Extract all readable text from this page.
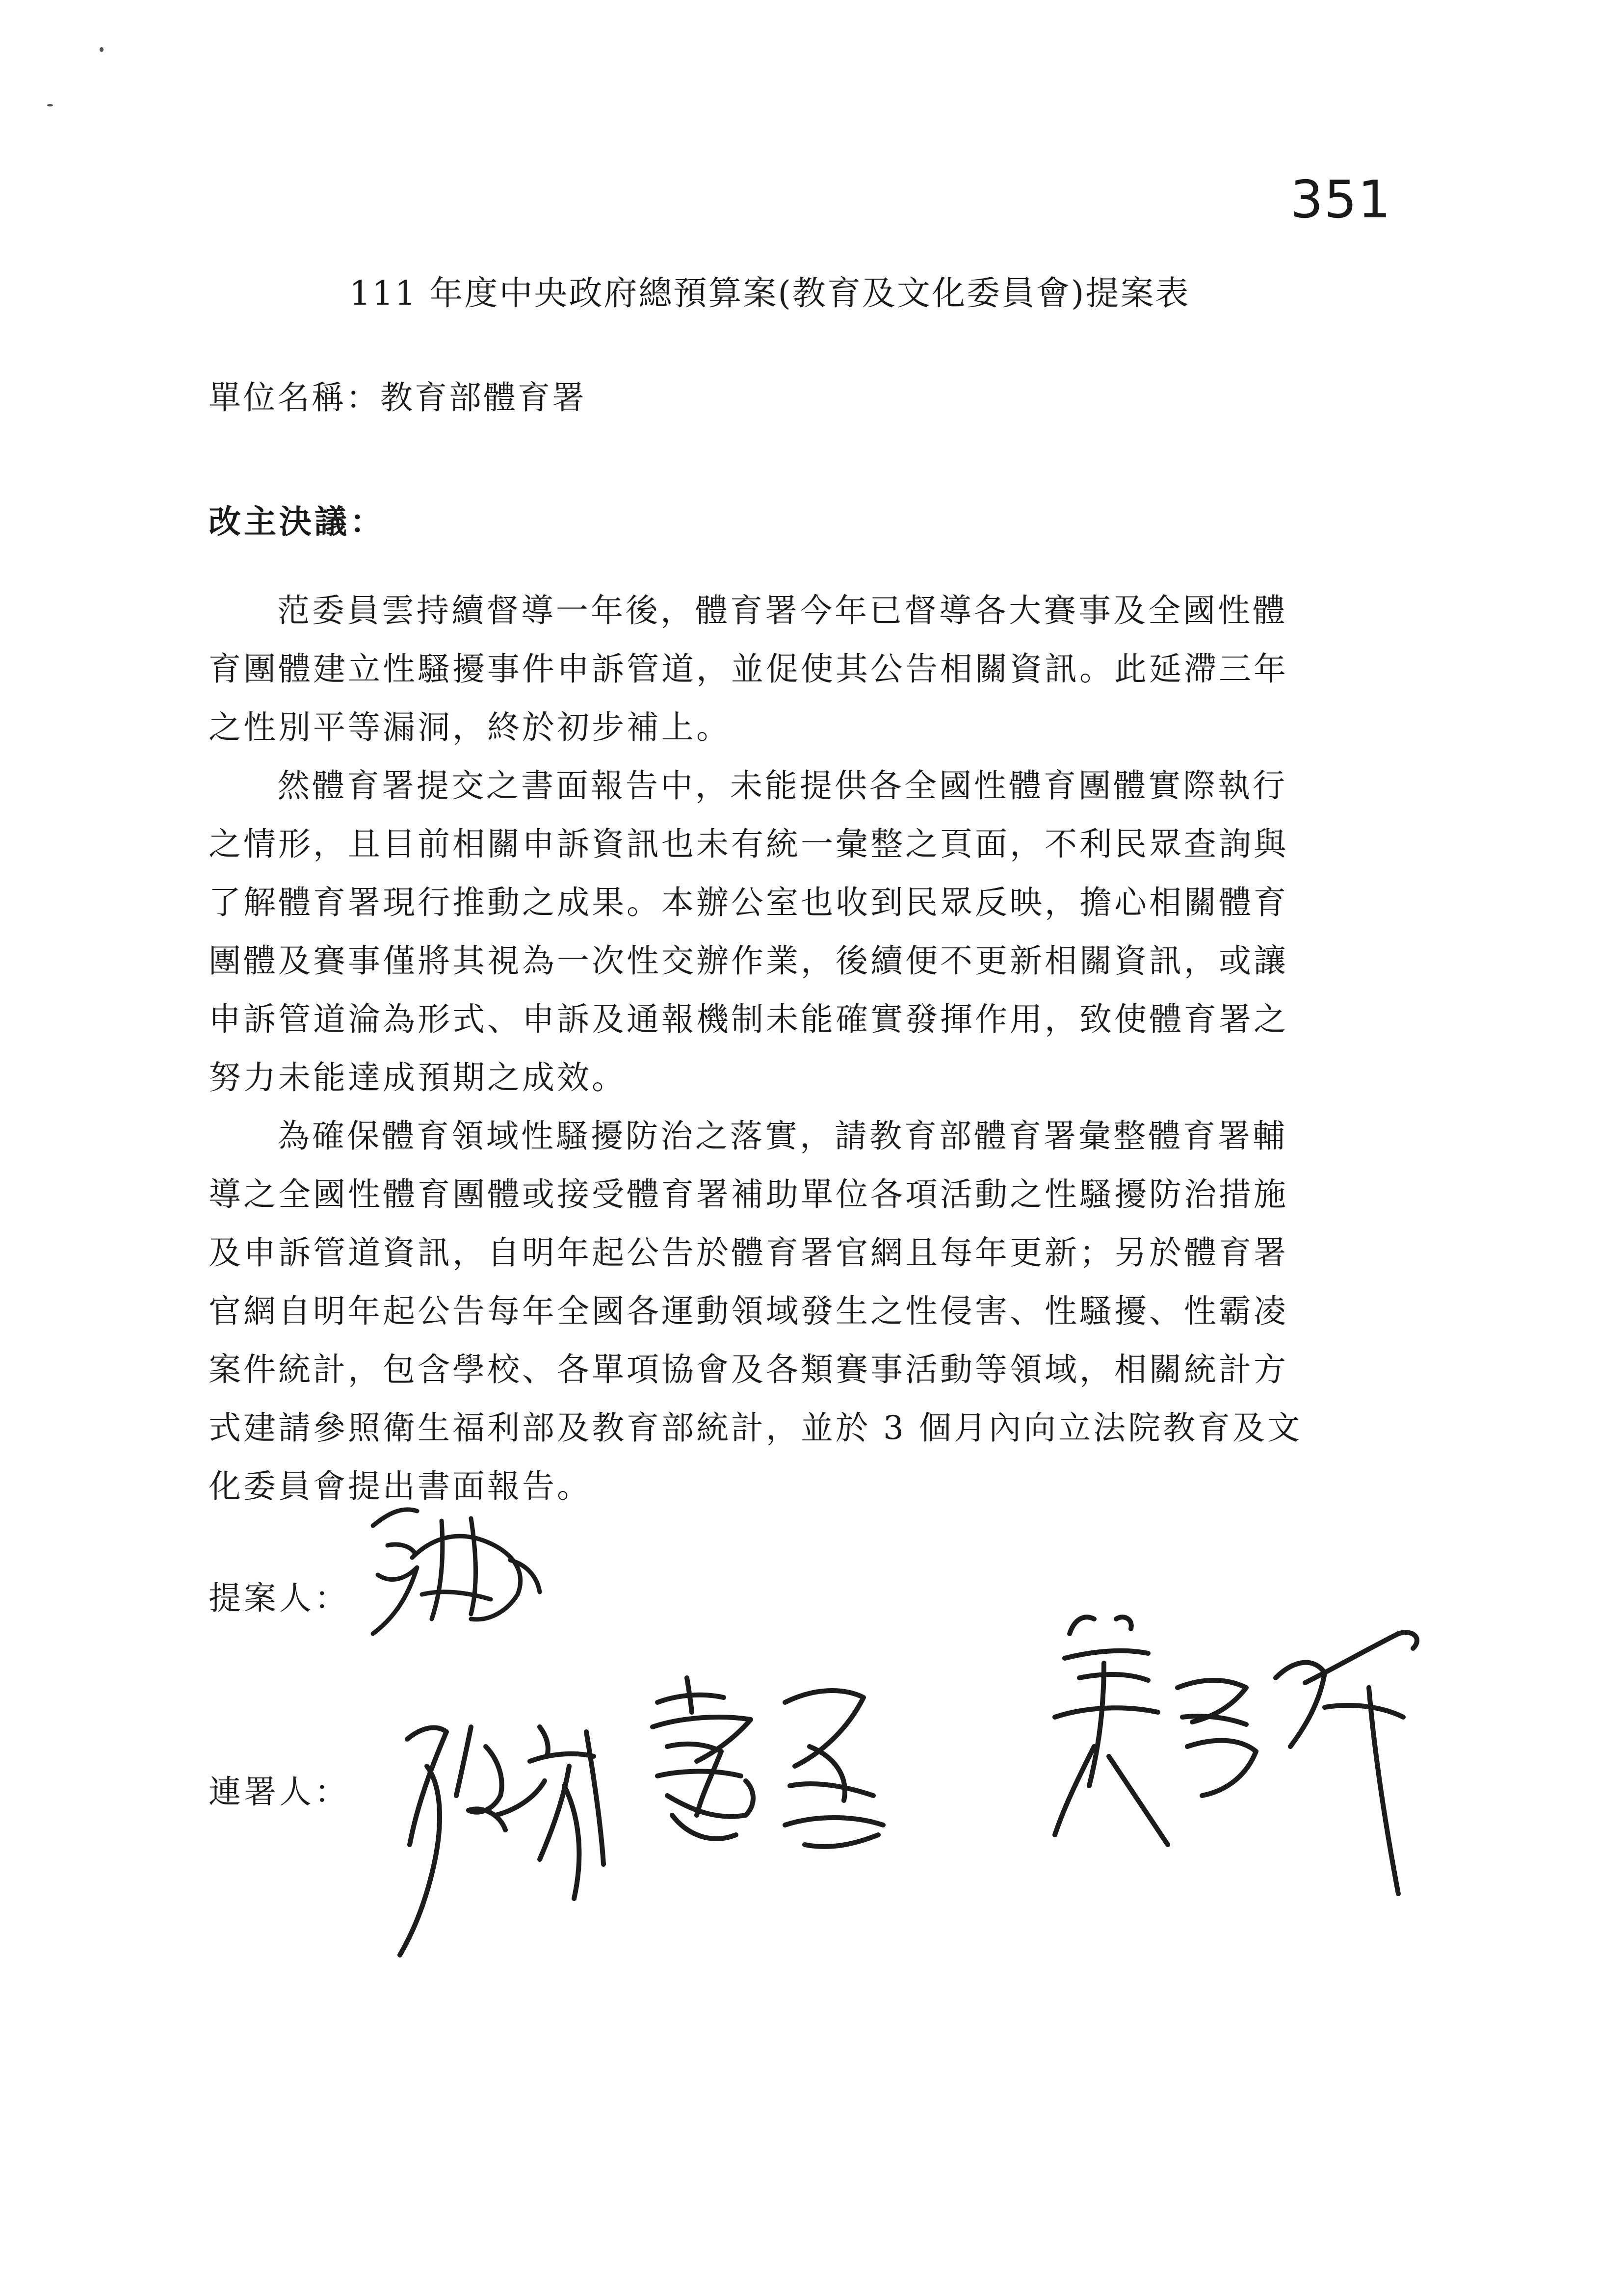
351
111 年度中央政府總預算案(教育及文化委員會)提案表
單位名稱：教育部體育署
改主決議：
范委員雲持續督導一年後，體育署今年已督導各大賽事及全國性體
育團體建立性騷擾事件申訴管道，並促使其公告相關資訊。此延滯三年
之性別平等漏洞，終於初步補上。
然體育署提交之書面報告中，未能提供各全國性體育團體實際執行
之情形，且目前相關申訴資訊也未有統一彙整之頁面，不利民眾查詢與
了解體育署現行推動之成果。本辦公室也收到民眾反映，擔心相關體育
團體及賽事僅將其視為一次性交辦作業，後續便不更新相關資訊，或讓
申訴管道淪為形式、申訴及通報機制未能確實發揮作用，致使體育署之
努力未能達成預期之成效。
為確保體育領域性騷擾防治之落實，請教育部體育署彙整體育署輔
導之全國性體育團體或接受體育署補助單位各項活動之性騷擾防治措施
及申訴管道資訊，自明年起公告於體育署官網且每年更新；另於體育署
官網自明年起公告每年全國各運動領域發生之性侵害、性騷擾、性霸凌
案件統計，包含學校、各單項協會及各類賽事活動等領域，相關統計方
式建請參照衛生福利部及教育部統計，並於 3 個月內向立法院教育及文
化委員會提出書面報告。
提案人：
連署人：
